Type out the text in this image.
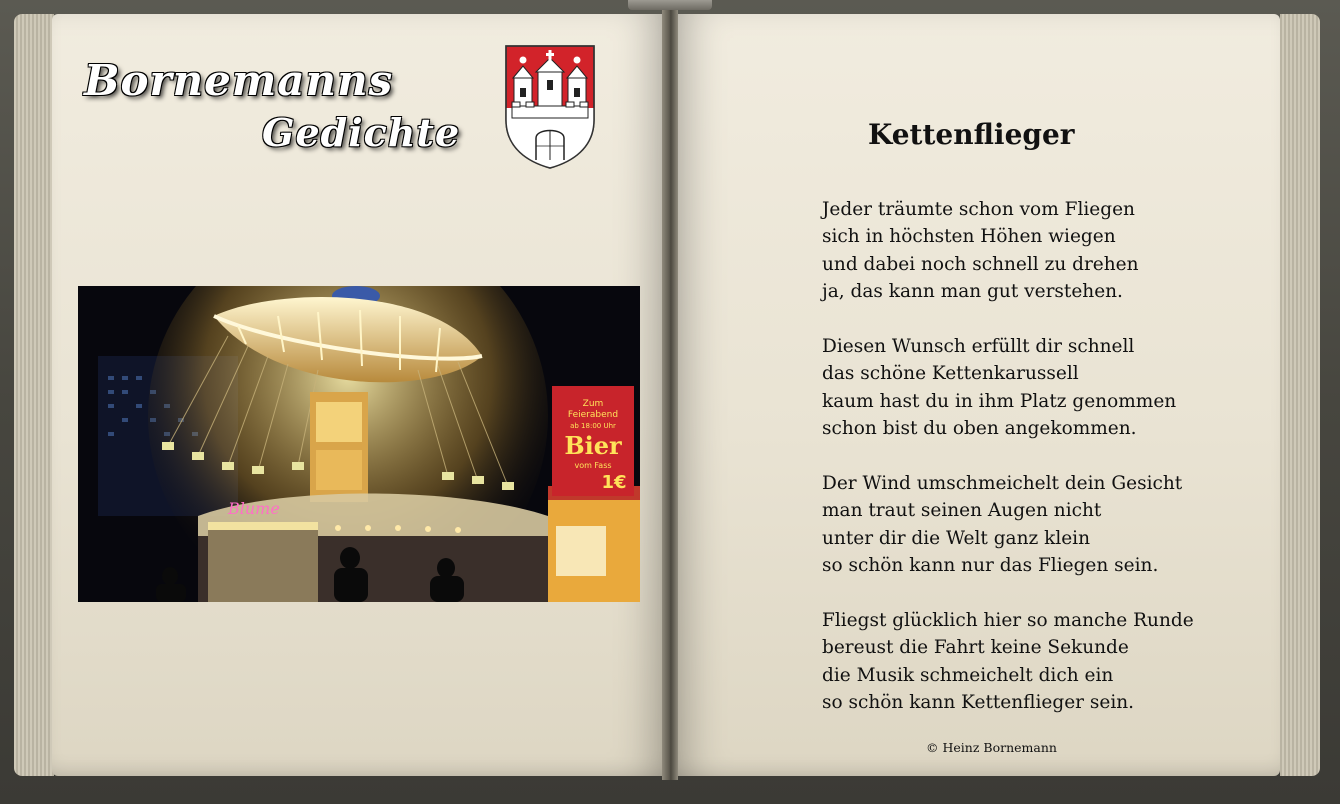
Bornemanns
Gedichte
Blume
Zum
Feierabend
ab 18:00 Uhr
Bier
vom Fass
1€
Kettenflieger
Jeder träumte schon vom Fliegen
sich in höchsten Höhen wiegen
und dabei noch schnell zu drehen
ja, das kann man gut verstehen.
Diesen Wunsch erfüllt dir schnell
das schöne Kettenkarussell
kaum hast du in ihm Platz genommen
schon bist du oben angekommen.
Der Wind umschmeichelt dein Gesicht
man traut seinen Augen nicht
unter dir die Welt ganz klein
so schön kann nur das Fliegen sein.
Fliegst glücklich hier so manche Runde
bereust die Fahrt keine Sekunde
die Musik schmeichelt dich ein
so schön kann Kettenflieger sein.
© Heinz Bornemann
